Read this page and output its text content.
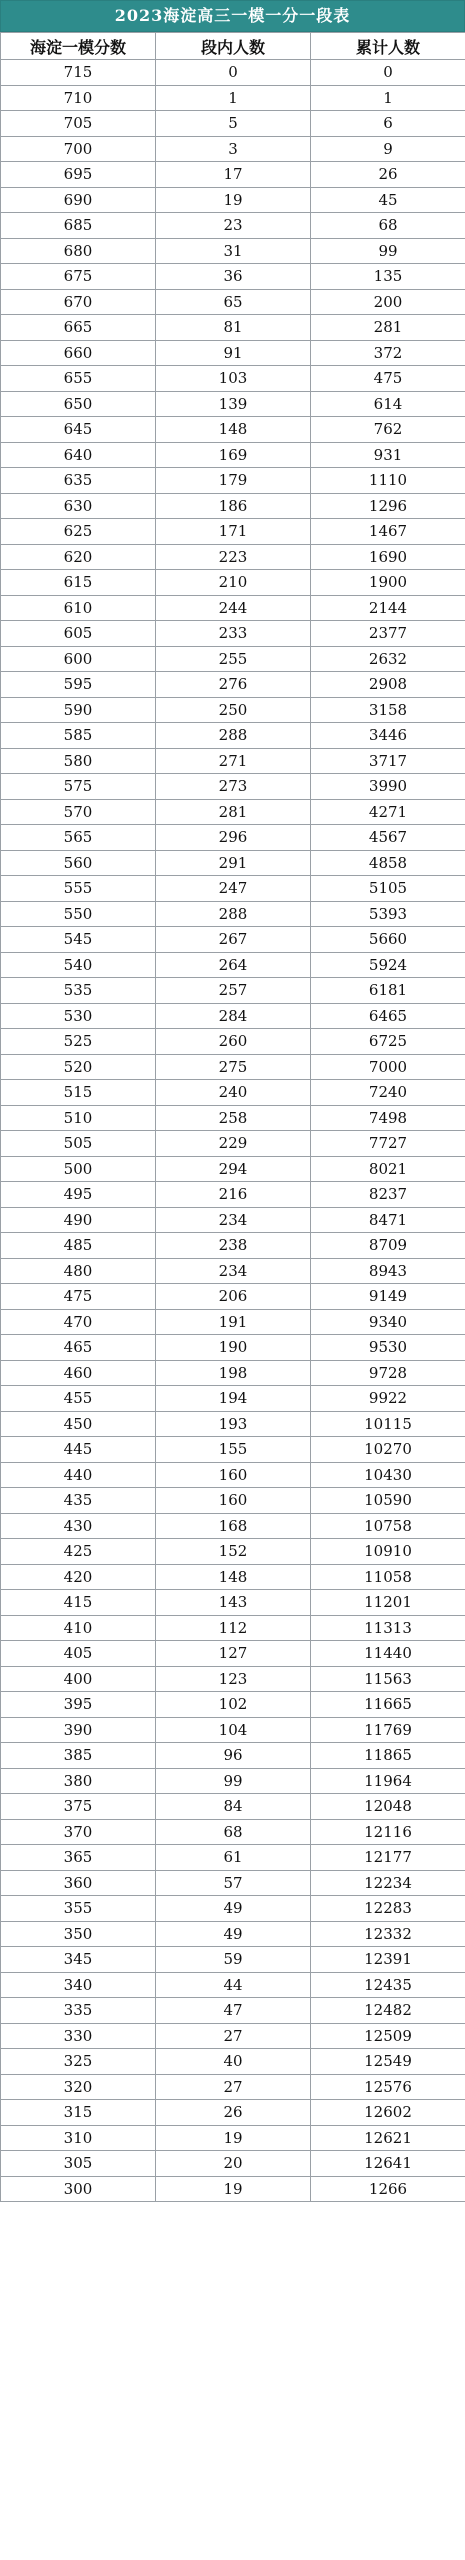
2023海淀高三一模一分一段表
海淀一模分数	段内人数	累计人数
715	0	0
710	1	1
705	5	6
700	3	9
695	17	26
690	19	45
685	23	68
680	31	99
675	36	135
670	65	200
665	81	281
660	91	372
655	103	475
650	139	614
645	148	762
640	169	931
635	179	1110
630	186	1296
625	171	1467
620	223	1690
615	210	1900
610	244	2144
605	233	2377
600	255	2632
595	276	2908
590	250	3158
585	288	3446
580	271	3717
575	273	3990
570	281	4271
565	296	4567
560	291	4858
555	247	5105
550	288	5393
545	267	5660
540	264	5924
535	257	6181
530	284	6465
525	260	6725
520	275	7000
515	240	7240
510	258	7498
505	229	7727
500	294	8021
495	216	8237
490	234	8471
485	238	8709
480	234	8943
475	206	9149
470	191	9340
465	190	9530
460	198	9728
455	194	9922
450	193	10115
445	155	10270
440	160	10430
435	160	10590
430	168	10758
425	152	10910
420	148	11058
415	143	11201
410	112	11313
405	127	11440
400	123	11563
395	102	11665
390	104	11769
385	96	11865
380	99	11964
375	84	12048
370	68	12116
365	61	12177
360	57	12234
355	49	12283
350	49	12332
345	59	12391
340	44	12435
335	47	12482
330	27	12509
325	40	12549
320	27	12576
315	26	12602
310	19	12621
305	20	12641
300	19	1266
